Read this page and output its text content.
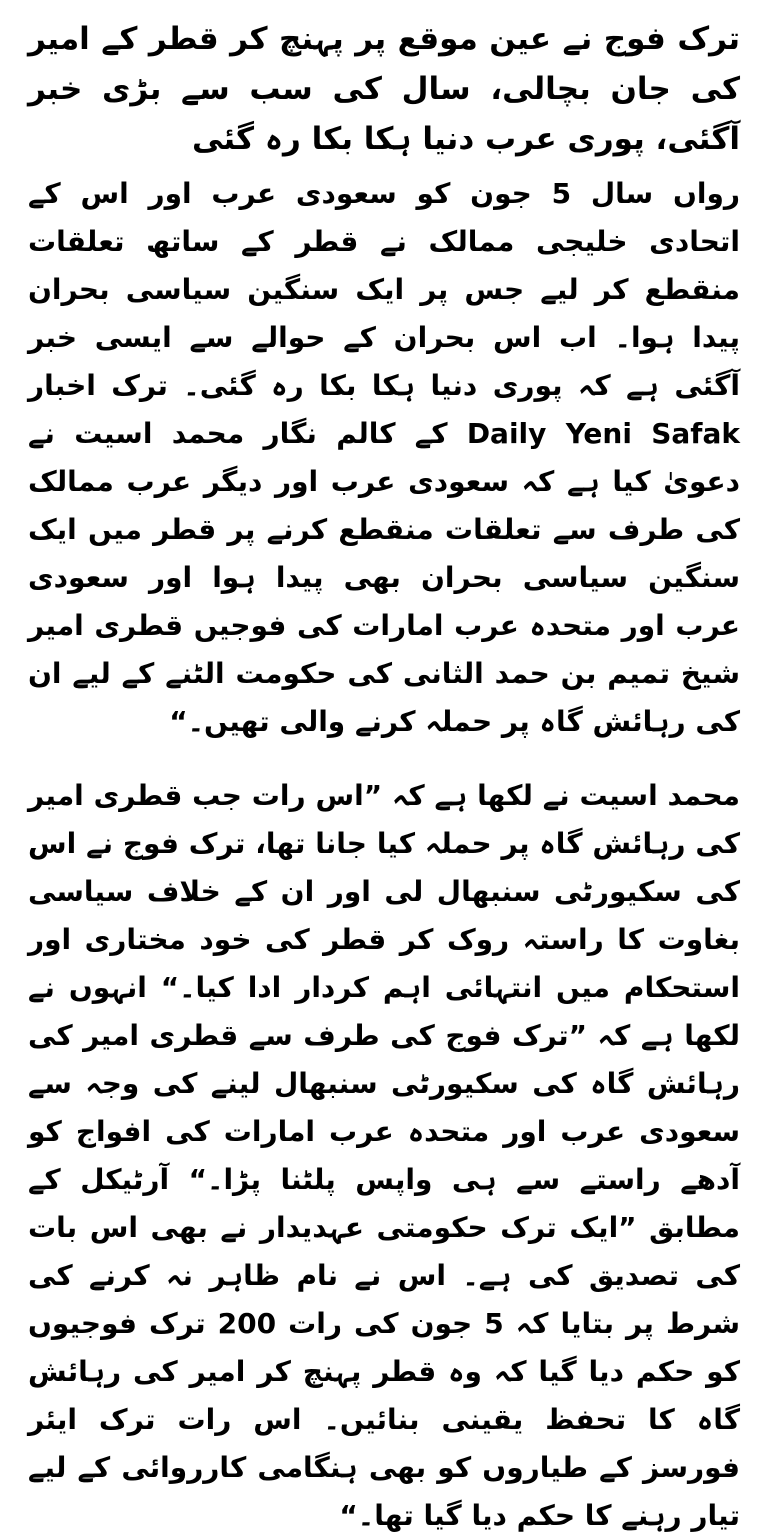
ترک فوج نے عین موقع پر پہنچ کر قطر کے امیر کی جان بچالی، سال کی سب سے بڑی خبر آگئی، پوری عرب دنیا ہکا بکا رہ گئی

رواں سال 5 جون کو سعودی عرب اور اس کے اتحادی خلیجی ممالک نے قطر کے ساتھ تعلقات منقطع کر لیے جس پر ایک سنگین سیاسی بحران پیدا ہوا۔ اب اس بحران کے حوالے سے ایسی خبر آگئی ہے کہ پوری دنیا ہکا بکا رہ گئی۔ ترک اخبار Daily Yeni Safak کے کالم نگار محمد اسیت نے دعویٰ کیا ہے کہ سعودی عرب اور دیگر عرب ممالک کی طرف سے تعلقات منقطع کرنے پر قطر میں ایک سنگین سیاسی بحران بھی پیدا ہوا اور سعودی عرب اور متحدہ عرب امارات کی فوجیں قطری امیر شیخ تمیم بن حمد الثانی کی حکومت الٹنے کے لیے ان کی رہائش گاہ پر حملہ کرنے والی تھیں۔“

محمد اسیت نے لکھا ہے کہ ”اس رات جب قطری امیر کی رہائش گاہ پر حملہ کیا جانا تھا، ترک فوج نے اس کی سکیورٹی سنبھال لی اور ان کے خلاف سیاسی بغاوت کا راستہ روک کر قطر کی خود مختاری اور استحکام میں انتہائی اہم کردار ادا کیا۔“ انہوں نے لکھا ہے کہ ”ترک فوج کی طرف سے قطری امیر کی رہائش گاہ کی سکیورٹی سنبھال لینے کی وجہ سے سعودی عرب اور متحدہ عرب امارات کی افواج کو آدھے راستے سے ہی واپس پلٹنا پڑا۔“ آرٹیکل کے مطابق ”ایک ترک حکومتی عہدیدار نے بھی اس بات کی تصدیق کی ہے۔ اس نے نام ظاہر نہ کرنے کی شرط پر بتایا کہ 5 جون کی رات 200 ترک فوجیوں کو حکم دیا گیا کہ وہ قطر پہنچ کر امیر کی رہائش گاہ کا تحفظ یقینی بنائیں۔ اس رات ترک ایئر فورسز کے طیاروں کو بھی ہنگامی کارروائی کے لیے تیار رہنے کا حکم دیا گیا تھا۔“
